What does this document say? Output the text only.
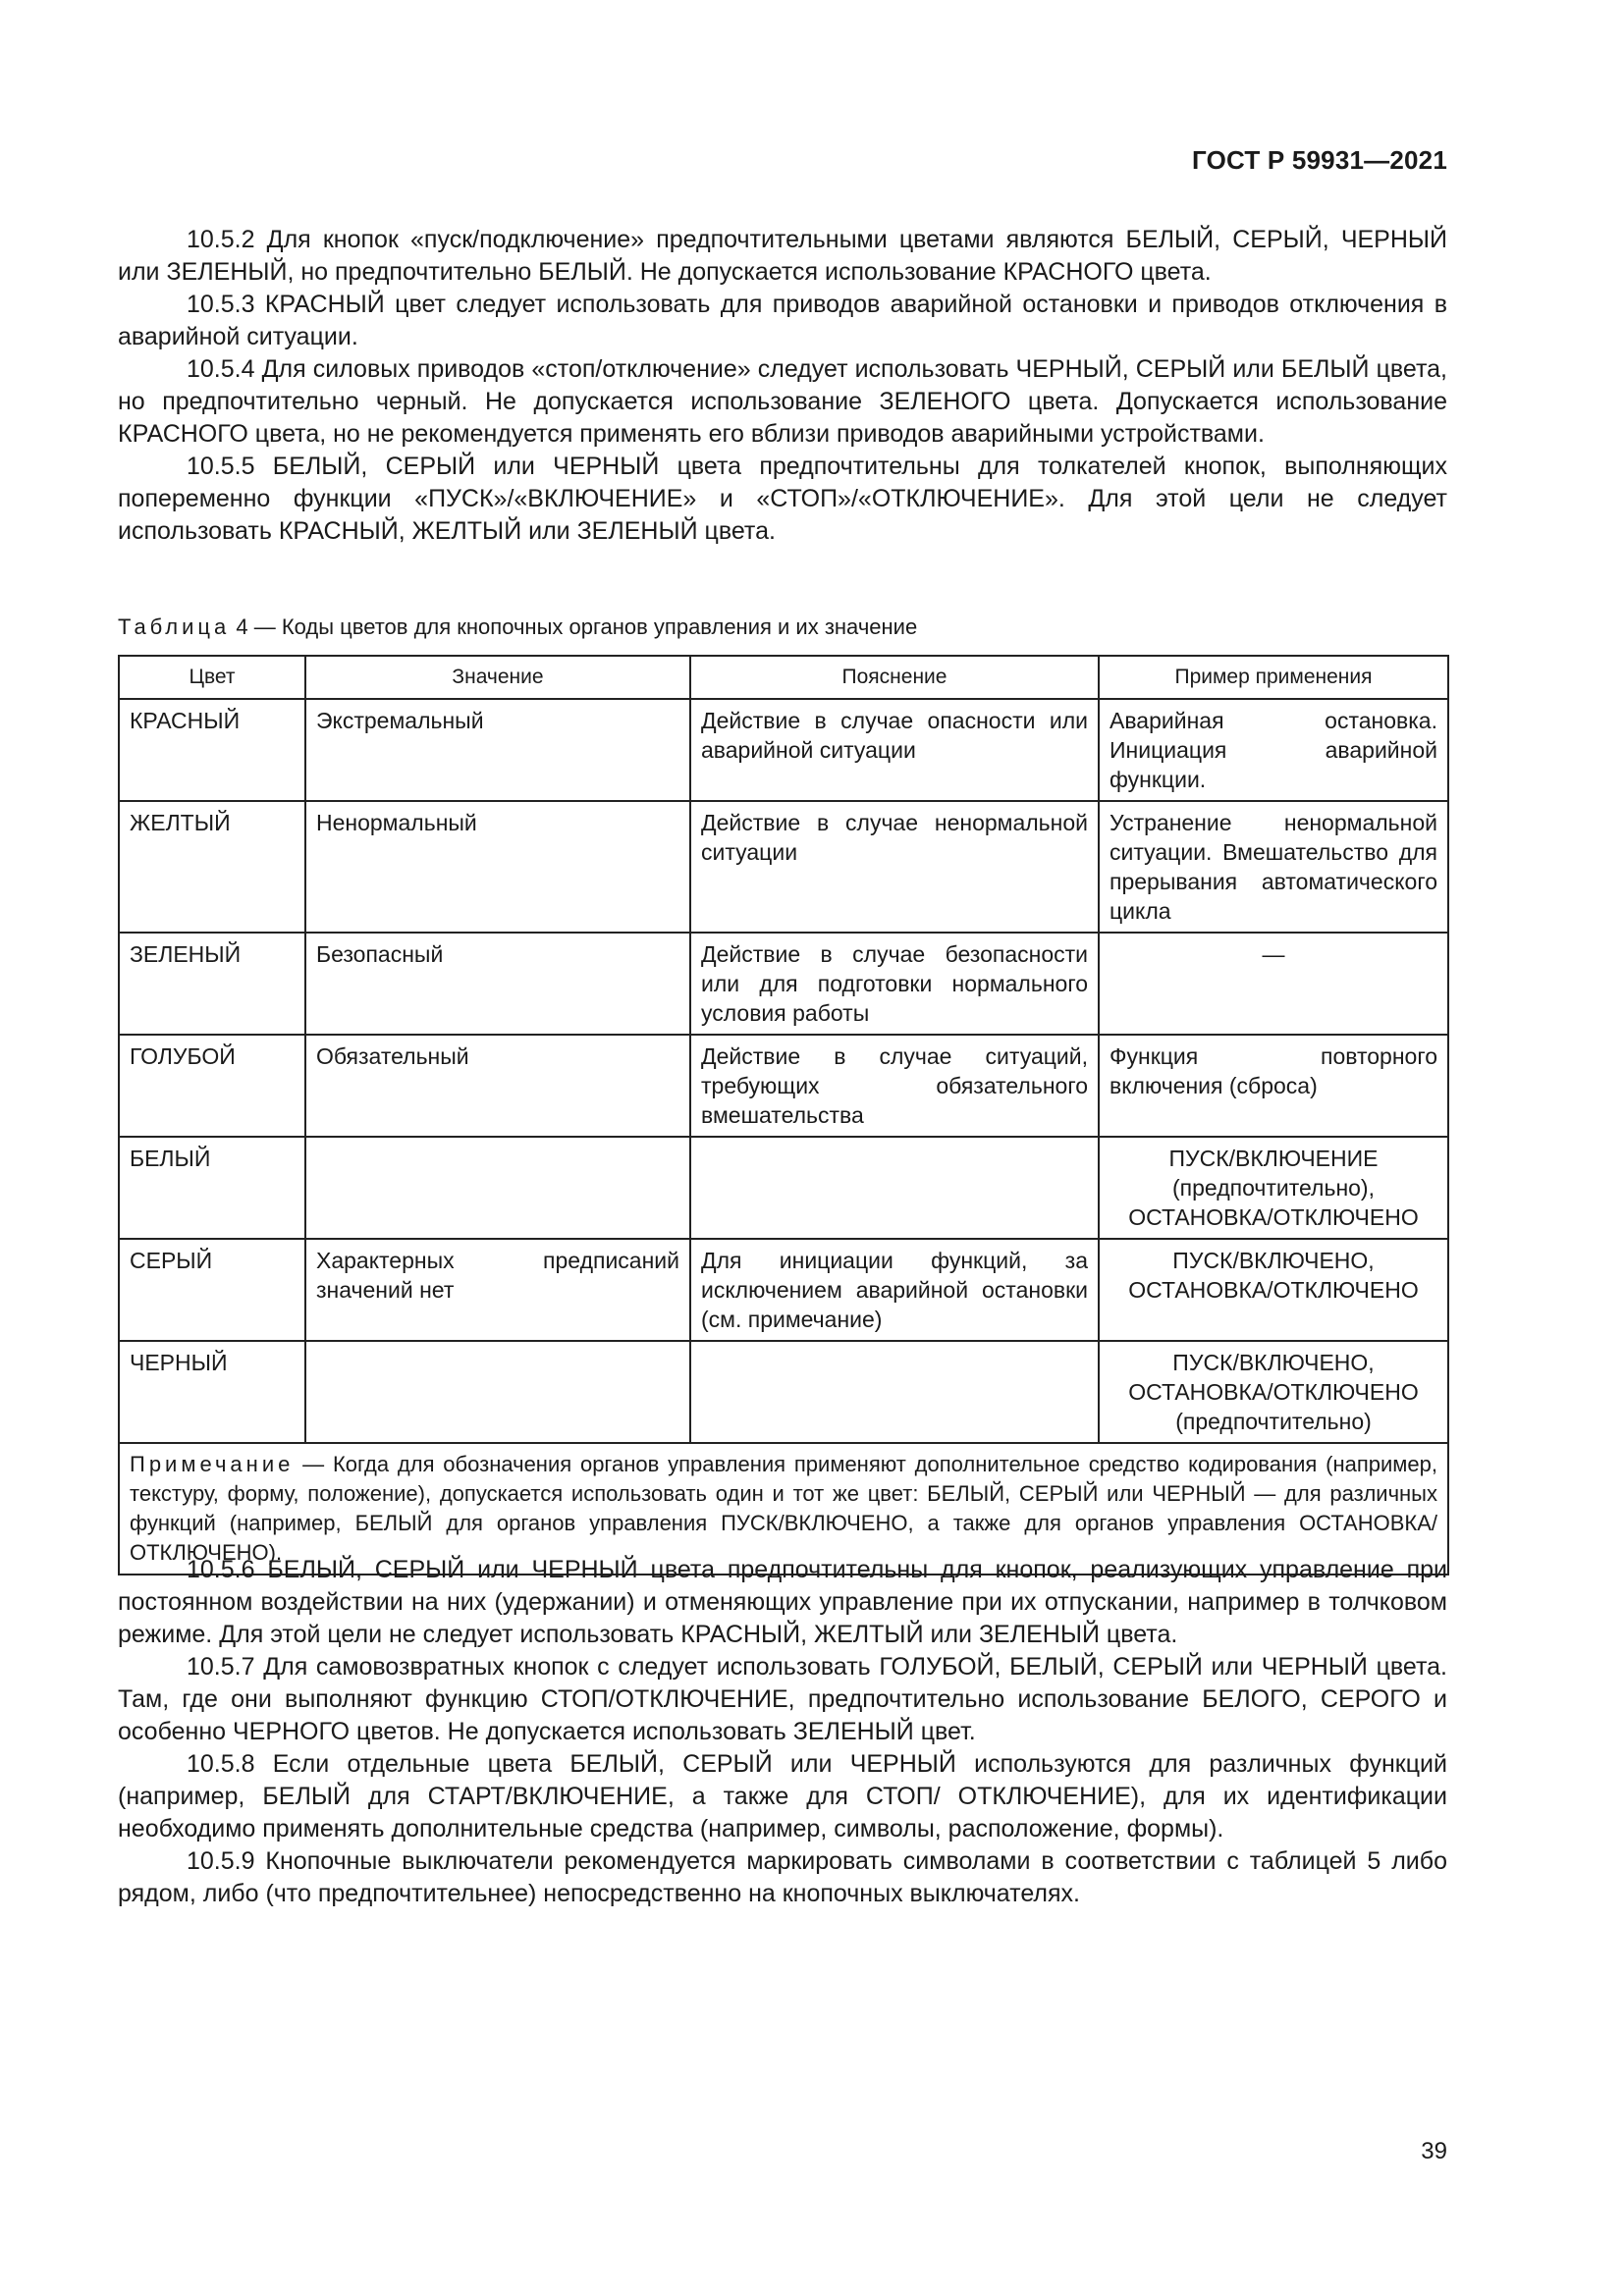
ГОСТ Р 59931—2021

10.5.2 Для кнопок «пуск/подключение» предпочтительными цветами являются БЕЛЫЙ, СЕРЫЙ, ЧЕРНЫЙ или ЗЕЛЕНЫЙ, но предпочтительно БЕЛЫЙ. Не допускается использование КРАСНОГО цвета.

10.5.3 КРАСНЫЙ цвет следует использовать для приводов аварийной остановки и приводов отключения в аварийной ситуации.

10.5.4 Для силовых приводов «стоп/отключение» следует использовать ЧЕРНЫЙ, СЕРЫЙ или БЕЛЫЙ цвета, но предпочтительно черный. Не допускается использование ЗЕЛЕНОГО цвета. Допускается использование КРАСНОГО цвета, но не рекомендуется применять его вблизи приводов аварийными устройствами.

10.5.5 БЕЛЫЙ, СЕРЫЙ или ЧЕРНЫЙ цвета предпочтительны для толкателей кнопок, выполняющих попеременно функции «ПУСК»/«ВКЛЮЧЕНИЕ» и «СТОП»/«ОТКЛЮЧЕНИЕ». Для этой цели не следует использовать КРАСНЫЙ, ЖЕЛТЫЙ или ЗЕЛЕНЫЙ цвета.

Таблица 4 — Коды цветов для кнопочных органов управления и их значение
Цвет	Значение	Пояснение	Пример применения
КРАСНЫЙ	Экстремальный	Действие в случае опасности или аварийной ситуации	Аварийная остановка. Инициация аварийной функции.
ЖЕЛТЫЙ	Ненормальный	Действие в случае ненормальной ситуации	Устранение ненормальной ситуации. Вмешательство для прерывания автоматического цикла
ЗЕЛЕНЫЙ	Безопасный	Действие в случае безопасности или для подготовки нормального условия работы	—
ГОЛУБОЙ	Обязательный	Действие в случае ситуаций, требующих обязательного вмешательства	Функция повторного включения (сброса)
БЕЛЫЙ			ПУСК/ВКЛЮЧЕНИЕ
(предпочтительно),
ОСТАНОВКА/ОТКЛЮЧЕНО

СЕРЫЙ	Характерных предписаний значений нет	Для инициации функций, за исключением аварийной остановки (см. примечание)	ПУСК/ВКЛЮЧЕНО,
ОСТАНОВКА/ОТКЛЮЧЕНО

ЧЕРНЫЙ			ПУСК/ВКЛЮЧЕНО,
ОСТАНОВКА/ОТКЛЮЧЕНО
(предпочтительно)

Примечание — Когда для обозначения органов управления применяют дополнительное средство кодирования (например, текстуру, форму, положение), допускается использовать один и тот же цвет: БЕЛЫЙ, СЕРЫЙ или ЧЕРНЫЙ — для различных функций (например, БЕЛЫЙ для органов управления ПУСК/ВКЛЮЧЕНО, а также для органов управления ОСТАНОВКА/ОТКЛЮЧЕНО).			

10.5.6 БЕЛЫЙ, СЕРЫЙ или ЧЕРНЫЙ цвета предпочтительны для кнопок, реализующих управление при постоянном воздействии на них (удержании) и отменяющих управление при их отпускании, например в толчковом режиме. Для этой цели не следует использовать КРАСНЫЙ, ЖЕЛТЫЙ или ЗЕЛЕНЫЙ цвета.

10.5.7 Для самовозвратных кнопок с следует использовать ГОЛУБОЙ, БЕЛЫЙ, СЕРЫЙ или ЧЕРНЫЙ цвета. Там, где они выполняют функцию СТОП/ОТКЛЮЧЕНИЕ, предпочтительно использование БЕЛОГО, СЕРОГО и особенно ЧЕРНОГО цветов. Не допускается использовать ЗЕЛЕНЫЙ цвет.

10.5.8 Если отдельные цвета БЕЛЫЙ, СЕРЫЙ или ЧЕРНЫЙ используются для различных функций (например, БЕЛЫЙ для СТАРТ/ВКЛЮЧЕНИЕ, а также для СТОП/ ОТКЛЮЧЕНИЕ), для их идентификации необходимо применять дополнительные средства (например, символы, расположение, формы).

10.5.9 Кнопочные выключатели рекомендуется маркировать символами в соответствии с таблицей 5 либо рядом, либо (что предпочтительнее) непосредственно на кнопочных выключателях.

39
